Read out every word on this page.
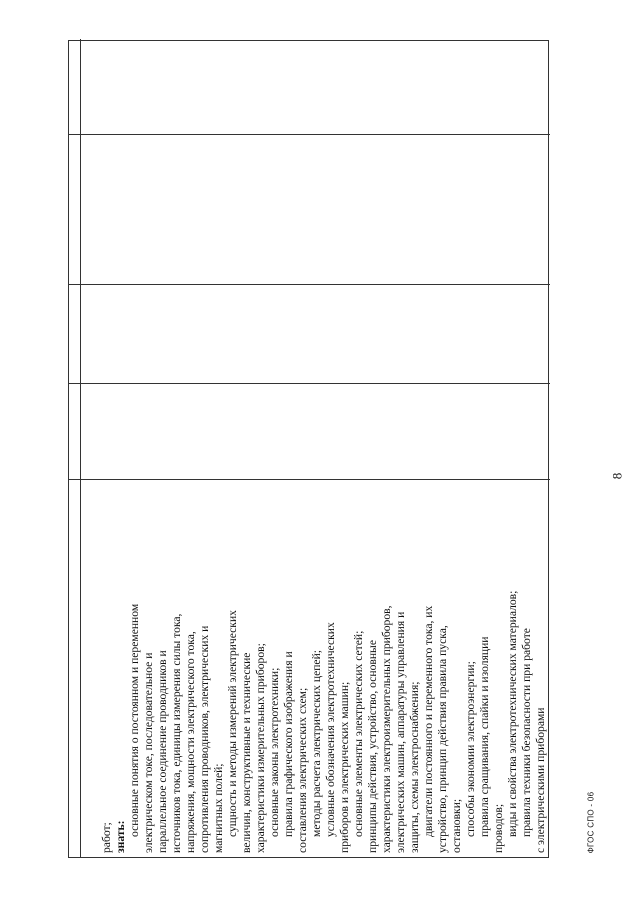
8
ФГОС СПО - 06
работ; знать: основные понятия о постоянном и переменном электрическом токе, последовательное и параллельное соединение проводников и источников тока, единицы измерения силы тока, напряжения, мощности электрического тока, сопротивления проводников, электрических и магнитных полей; сущность и методы измерений электрических величин, конструктивные и технические характеристики измерительных приборов; основные законы электротехники; правила графического изображения и составления электрических схем; методы расчета электрических цепей; условные обозначения электротехнических приборов и электрических машин; основные элементы электрических сетей; принципы действия, устройство, основные характеристики электроизмерительных приборов, электрических машин, аппаратуры управления и защиты, схемы электроснабжения; двигатели постоянного и переменного тока, их устройство, принцип действия правила пуска, остановки; способы экономии электроэнергии; правила сращивания, спайки и изоляции проводов; виды и свойства электротехнических материалов; правила техники безопасности при работе с электрическими приборами
